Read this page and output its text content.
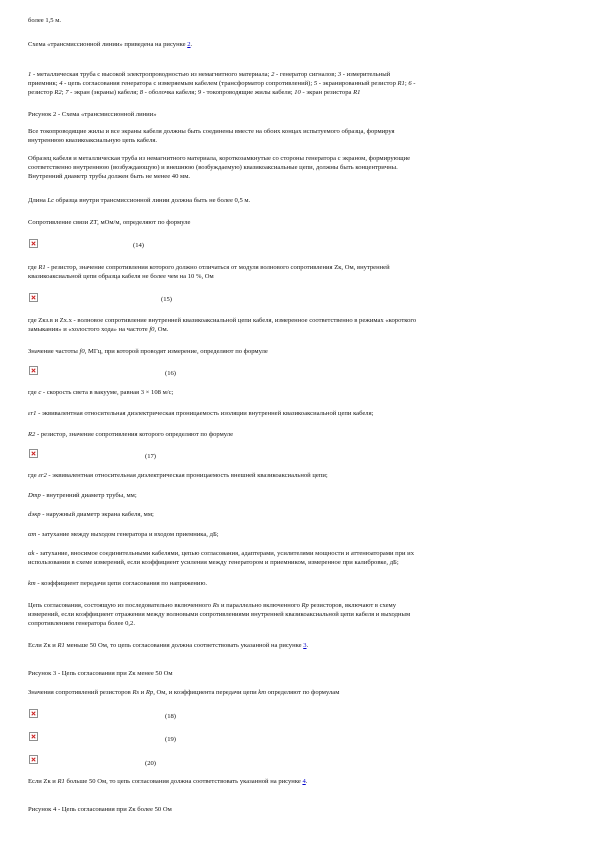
более 1,5 м.
Схема «трансмиссионной линии» приведена на рисунке 2.
1 - металлическая труба с высокой электропроводностью из немагнитного материала; 2 - генератор сигналов; 3 - измерительный
приемник; 4 - цепь согласования генератора с измеряемым кабелем (трансформатор сопротивлений); 5 - экранированный резистор R1; 6 -
резистор R2; 7 - экран (экраны) кабеля; 8 - оболочка кабеля; 9 - токопроводящие жилы кабеля; 10 - экран резистора R1
Рисунок 2 - Схема «трансмиссионной линии»
Все токопроводящие жилы и все экраны кабеля должны быть соединены вместе на обоих концах испытуемого образца, формируя
внутреннюю квазикоаксиальную цепь кабеля.
Образец кабеля и металлическая труба из немагнитного материала, короткозамкнутые со стороны генератора с экраном, формирующие
соответственно внутреннюю (возбуждающую) и внешнюю (возбуждаемую) квазикоаксиальные цепи, должны быть концентричны.
Внутренний диаметр трубы должен быть не менее 40 мм.
Длина Lс образца внутри трансмиссионной линии должна быть не более 0,5 м.
Сопротивление связи ZT, мОм/м, определяют по формуле
(14)
где R1 - резистор, значение сопротивления которого должно отличаться от модуля волнового сопротивления Zк, Ом, внутренней
квазикоаксиальной цепи образца кабеля не более чем на 10 %, Ом
(15)
где Zкз.в и Zх.х - волновое сопротивление внутренней квазикоаксиальной цепи кабеля, измеренное соответственно в режимах «короткого
замыкания» и «холостого хода» на частоте f0, Ом.
Значение частоты f0, МГц, при которой проводят измерение, определяют по формуле
(16)
где c - скорость света в вакууме, равная 3 × 108 м/с;
εr1 - эквивалентная относительная диэлектрическая проницаемость изоляции внутренней квазикоаксиальной цепи кабеля;
R2 - резистор, значение сопротивления которого определяют по формуле
(17)
где εr2 - эквивалентная относительная диэлектрическая проницаемость внешней квазикоаксиальной цепи;
Dтр - внутренний диаметр трубы, мм;
dэкр - наружный диаметр экрана кабеля, мм;
αm - затухание между выходом генератора и входом приемника, дБ;
αk - затухание, вносимое соединительными кабелями, цепью согласования, адаптерами, усилителями мощности и аттенюаторами при их
использовании в схеме измерений, если коэффициент усиления между генератором и приемником, измеренное при калибровке, дБ;
km - коэффициент передачи цепи согласования по напряжению.
Цепь согласования, состоящую из последовательно включенного Rs и параллельно включенного Rp резисторов, включают в схему
измерений, если коэффициент отражения между волновыми сопротивлениями внутренней квазикоаксиальной цепи кабеля и выходным
сопротивлением генератора более 0,2.
Если Zк и R1 меньше 50 Ом, то цепь согласования должна соответствовать указанной на рисунке 3.
Рисунок 3 - Цепь согласования при Zк менее 50 Ом
Значения сопротивлений резисторов Rs и Rp, Ом, и коэффициента передачи цепи km определяют по формулам
(18)
(19)
(20)
Если Zк и R1 больше 50 Ом, то цепь согласования должна соответствовать указанной на рисунке 4.
Рисунок 4 - Цепь согласования при Zк более 50 Ом
